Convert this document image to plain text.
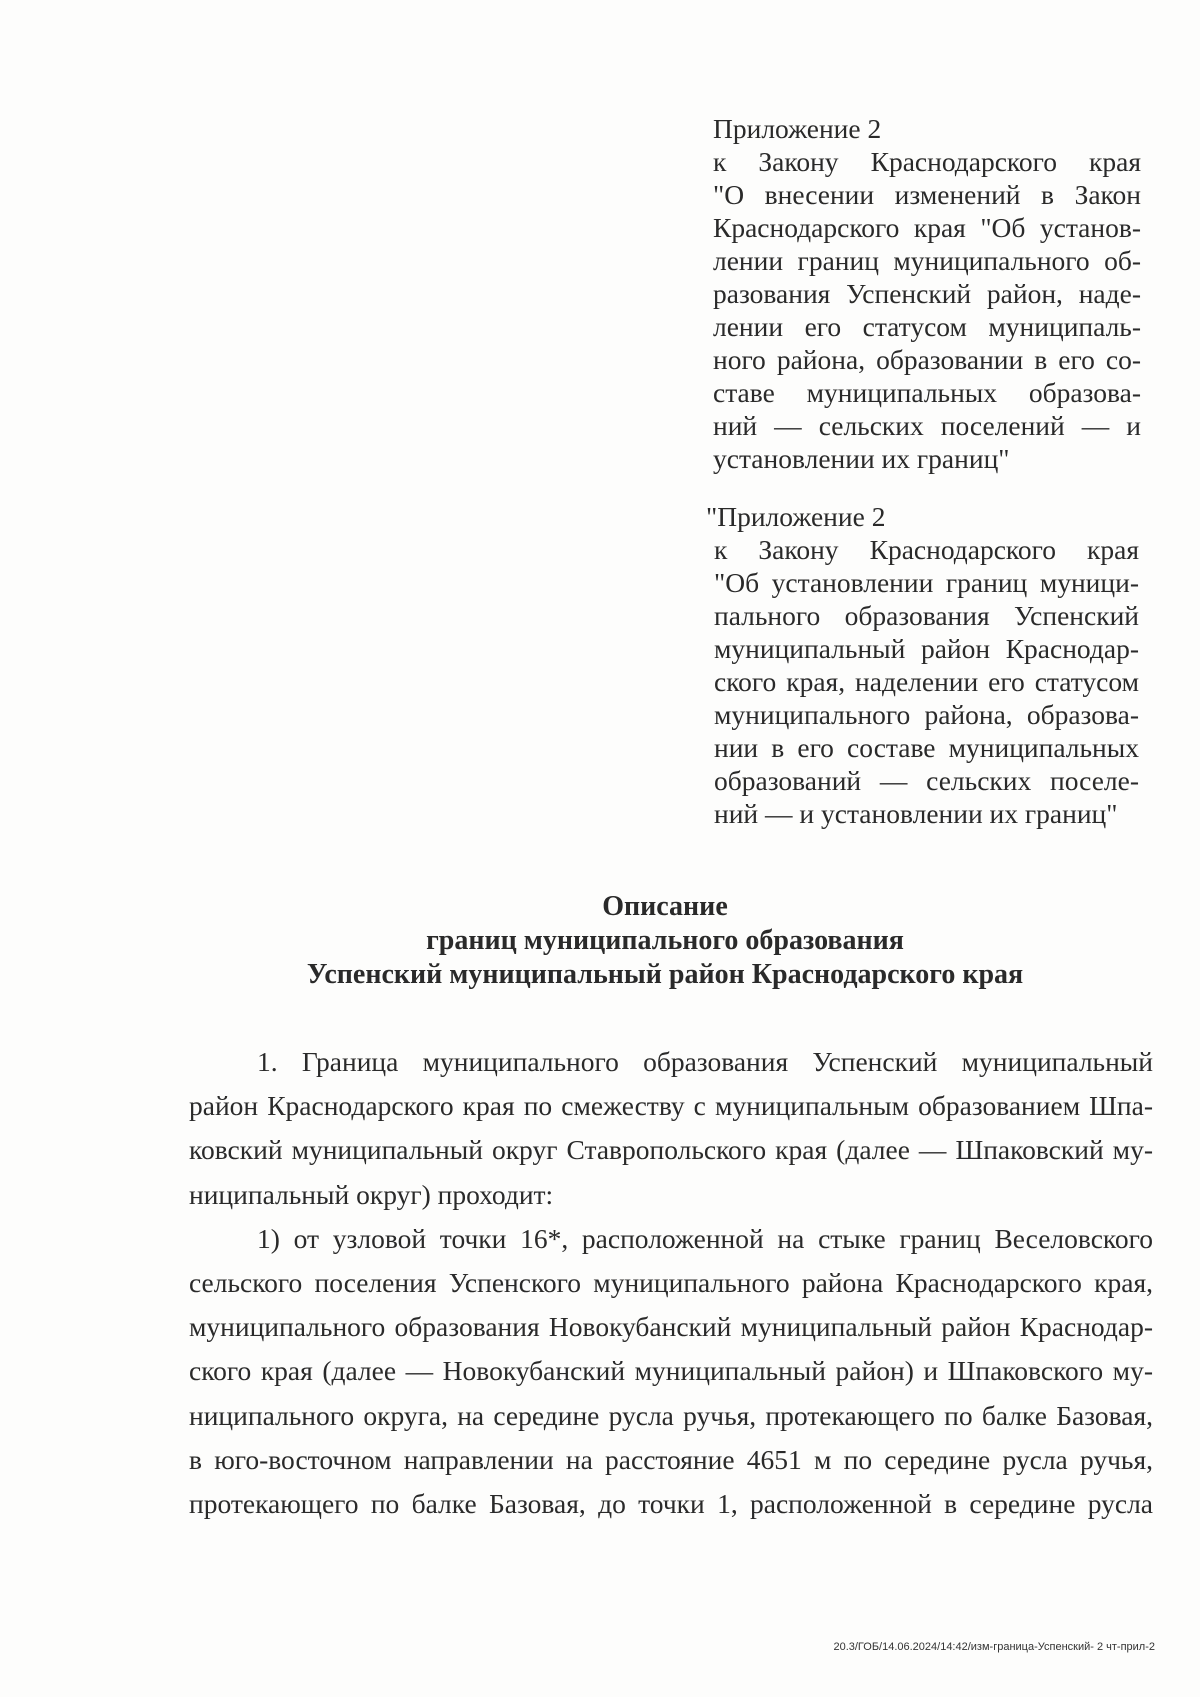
Приложение 2
к Закону Краснодарского края
"О внесении изменений в Закон
Краснодарского края "Об установ-
лении границ муниципального об-
разования Успенский район, наде-
лении его статусом муниципаль-
ного района, образовании в его со-
ставе муниципальных образова-
ний — сельских поселений — и
установлении их границ"
"Приложение 2
к Закону Краснодарского края
"Об установлении границ муници-
пального образования Успенский
муниципальный район Краснодар-
ского края, наделении его статусом
муниципального района, образова-
нии в его составе муниципальных
образований — сельских поселе-
ний — и установлении их границ"
Описание
границ муниципального образования
Успенский муниципальный район Краснодарского края
1. Граница муниципального образования Успенский муниципальный
район Краснодарского края по смежеству с муниципальным образованием Шпа-
ковский муниципальный округ Ставропольского края (далее — Шпаковский му-
ниципальный округ) проходит:
1) от узловой точки 16*, расположенной на стыке границ Веселовского
сельского поселения Успенского муниципального района Краснодарского края,
муниципального образования Новокубанский муниципальный район Краснодар-
ского края (далее — Новокубанский муниципальный район) и Шпаковского му-
ниципального округа, на середине русла ручья, протекающего по балке Базовая,
в юго-восточном направлении на расстояние 4651 м по середине русла ручья,
протекающего по балке Базовая, до точки 1, расположенной в середине русла
20.3/ГОБ/14.06.2024/14:42/изм-граница-Успенский- 2 чт-прил-2
